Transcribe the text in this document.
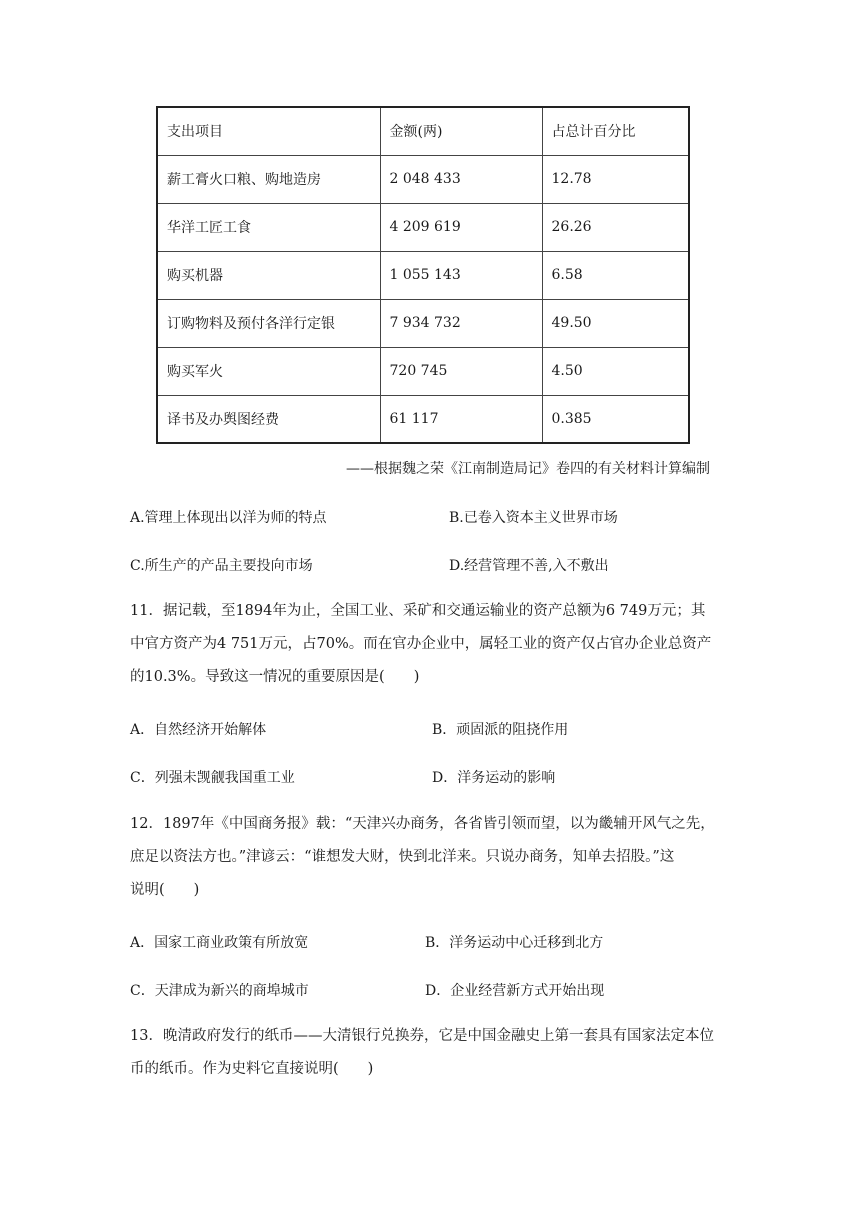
支出项目	金额(两)	占总计百分比
薪工膏火口粮、购地造房	2 048 433	12.78
华洋工匠工食	4 209 619	26.26
购买机器	1 055 143	6.58
订购物料及预付各洋行定银	7 934 732	49.50
购买军火	720 745	4.50
译书及办舆图经费	61 117	0.385
——根据魏之荣《江南制造局记》卷四的有关材料计算编制
A.管理上体现出以洋为师的特点	B.已卷入资本主义世界市场
C.所生产的产品主要投向市场	D.经营管理不善,入不敷出
11．据记载，至1894年为止，全国工业、采矿和交通运输业的资产总额为6 749万元；其
中官方资产为4 751万元，占70%。而在官办企业中，属轻工业的资产仅占官办企业总资产
的10.3%。导致这一情况的重要原因是(　　)
A．自然经济开始解体	B．顽固派的阻挠作用
C．列强未觊觎我国重工业	D．洋务运动的影响
12．1897年《中国商务报》载：“天津兴办商务，各省皆引领而望，以为畿辅开风气之先，
庶足以资法方也。”津谚云：“谁想发大财，快到北洋来。只说办商务，知单去招股。”这
说明(　　)
A．国家工商业政策有所放宽	B．洋务运动中心迁移到北方
C．天津成为新兴的商埠城市	D．企业经营新方式开始出现
13．晚清政府发行的纸币——大清银行兑换券，它是中国金融史上第一套具有国家法定本位
币的纸币。作为史料它直接说明(　　)
